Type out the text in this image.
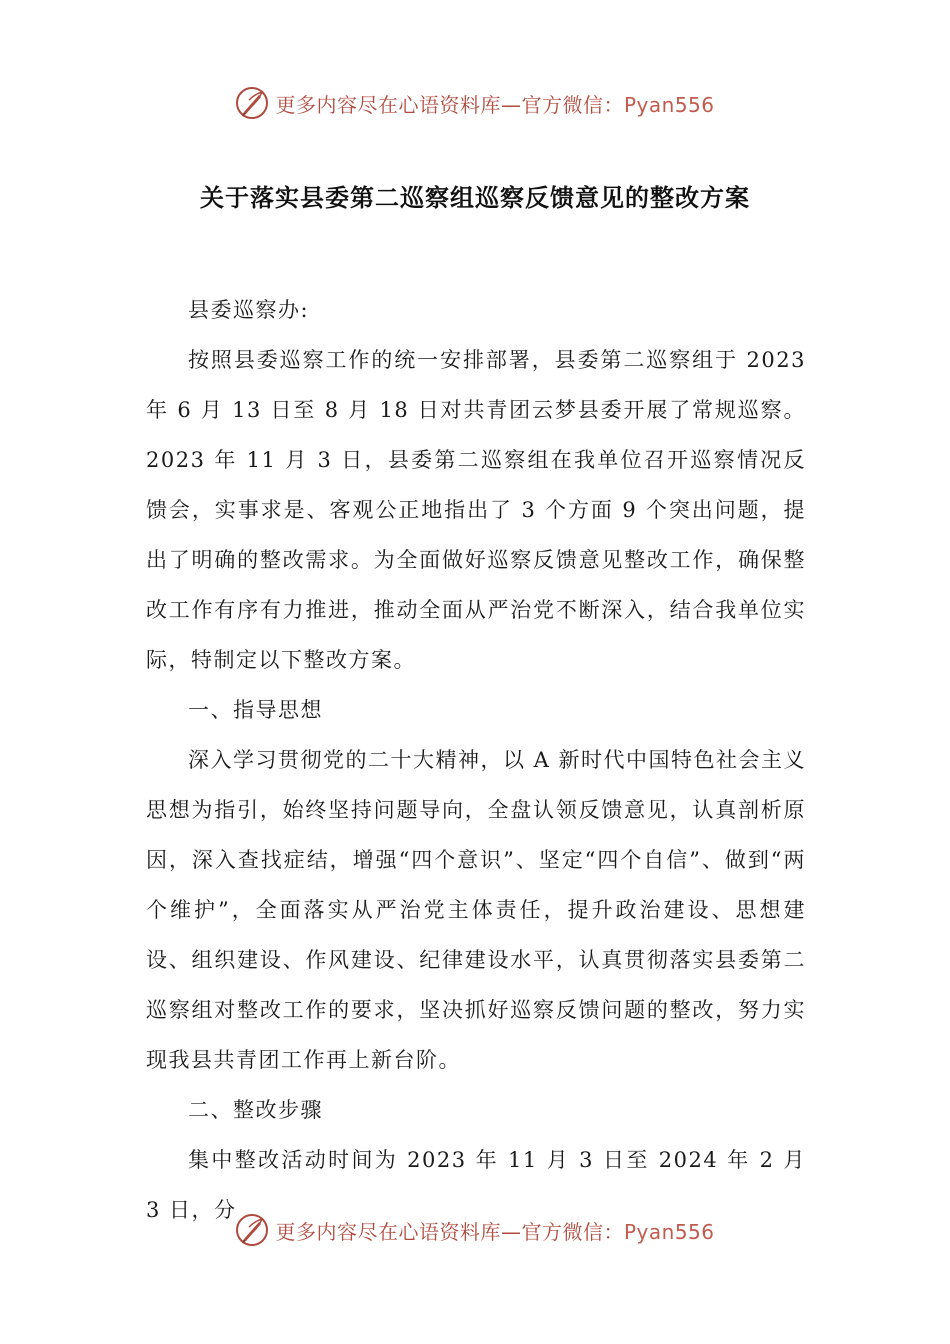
更多内容尽在心语资料库—官方微信：Pyan556
关于落实县委第二巡察组巡察反馈意见的整改方案

县委巡察办:

按照县委巡察工作的统一安排部署，县委第二巡察组于 2023 年 6 月 13 日至 8 月 18 日对共青团云梦县委开展了常规巡察。2023 年 11 月 3 日，县委第二巡察组在我单位召开巡察情况反馈会，实事求是、客观公正地指出了 3 个方面 9 个突出问题，提出了明确的整改需求。为全面做好巡察反馈意见整改工作，确保整改工作有序有力推进，推动全面从严治党不断深入，结合我单位实际，特制定以下整改方案。

一、指导思想

深入学习贯彻党的二十大精神，以 A 新时代中国特色社会主义思想为指引，始终坚持问题导向，全盘认领反馈意见，认真剖析原因，深入查找症结，增强“四个意识”、坚定“四个自信”、做到“两个维护”，全面落实从严治党主体责任，提升政治建设、思想建设、组织建设、作风建设、纪律建设水平，认真贯彻落实县委第二巡察组对整改工作的要求，坚决抓好巡察反馈问题的整改，努力实现我县共青团工作再上新台阶。

二、整改步骤

集中整改活动时间为 2023 年 11 月 3 日至 2024 年 2 月 3 日，分

更多内容尽在心语资料库—官方微信：Pyan556
